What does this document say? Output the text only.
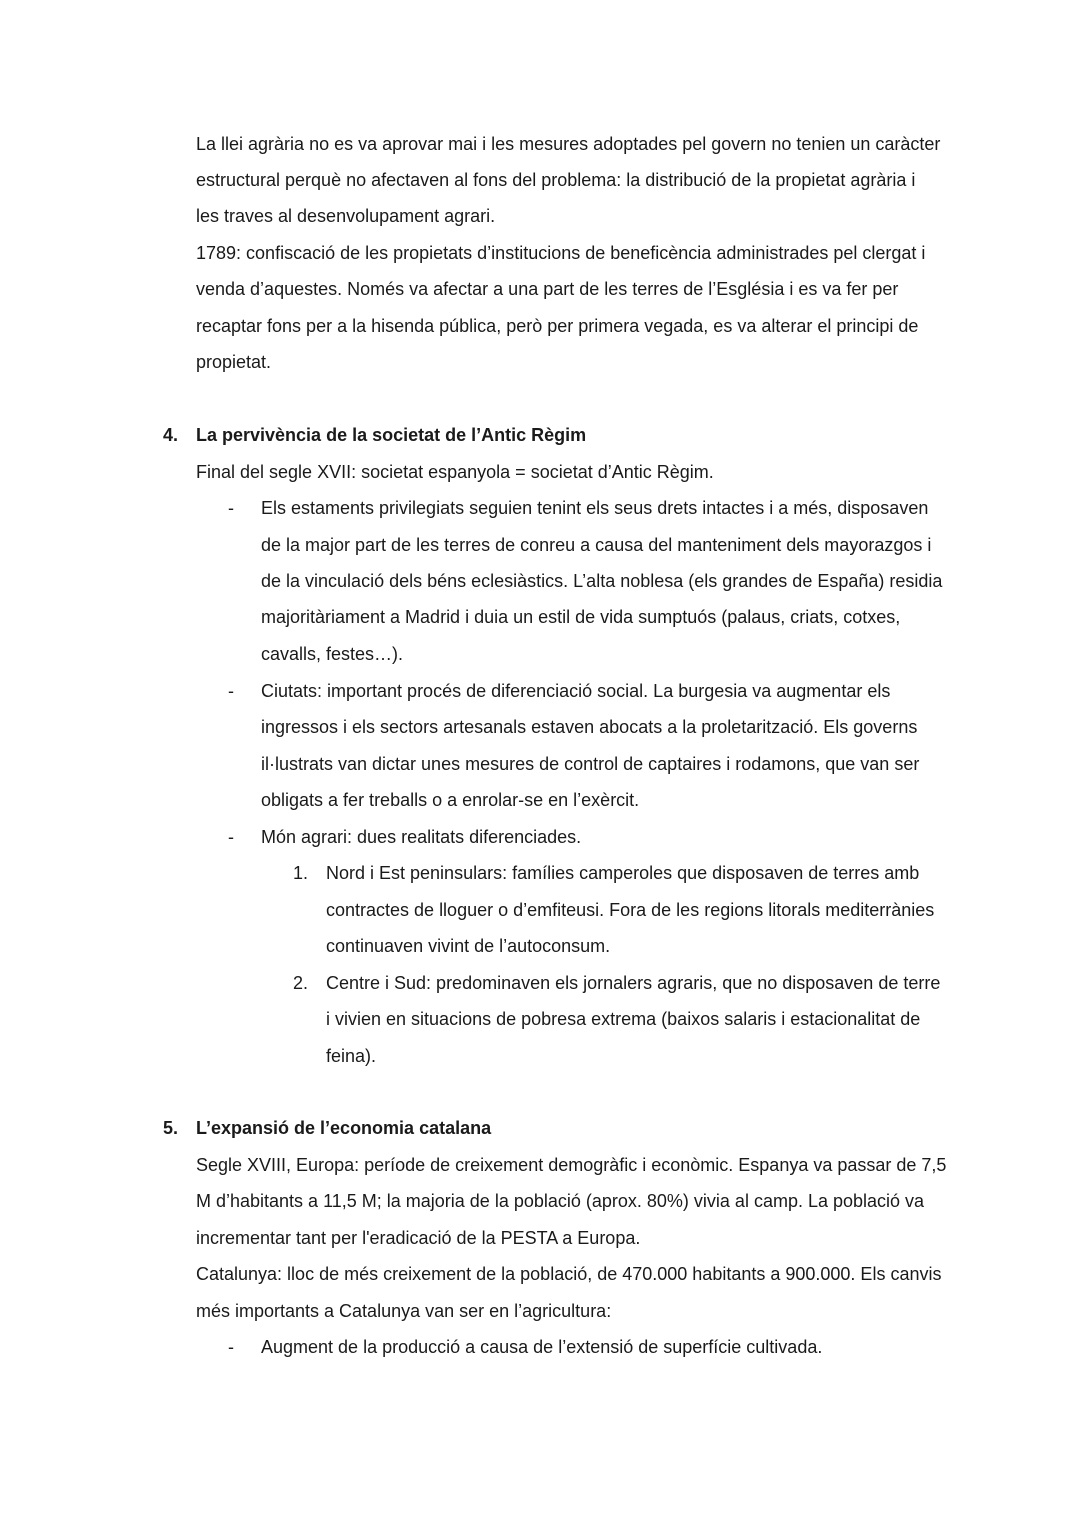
La llei agrària no es va aprovar mai i les mesures adoptades pel govern no tenien un caràcter
estructural perquè no afectaven al fons del problema: la distribució de la propietat agrària i
les traves al desenvolupament agrari.
1789: confiscació de les propietats d’institucions de beneficència administrades pel clergat i
venda d’aquestes. Només va afectar a una part de les terres de l’Església i es va fer per
recaptar fons per a la hisenda pública, però per primera vegada, es va alterar el principi de
propietat.
4. La pervivència de la societat de l’Antic Règim
Final del segle XVII: societat espanyola = societat d’Antic Règim.
- Els estaments privilegiats seguien tenint els seus drets intactes i a més, disposaven
de la major part de les terres de conreu a causa del manteniment dels mayorazgos i
de la vinculació dels béns eclesiàstics. L’alta noblesa (els grandes de España) residia
majoritàriament a Madrid i duia un estil de vida sumptuós (palaus, criats, cotxes,
cavalls, festes…).
- Ciutats: important procés de diferenciació social. La burgesia va augmentar els
ingressos i els sectors artesanals estaven abocats a la proletarització. Els governs
il·lustrats van dictar unes mesures de control de captaires i rodamons, que van ser
obligats a fer treballs o a enrolar-se en l’exèrcit.
- Món agrari: dues realitats diferenciades.
1. Nord i Est peninsulars: famílies camperoles que disposaven de terres amb
contractes de lloguer o d’emfiteusi. Fora de les regions litorals mediterrànies
continuaven vivint de l’autoconsum.
2. Centre i Sud: predominaven els jornalers agraris, que no disposaven de terre
i vivien en situacions de pobresa extrema (baixos salaris i estacionalitat de
feina).
5. L’expansió de l’economia catalana
Segle XVIII, Europa: període de creixement demogràfic i econòmic. Espanya va passar de 7,5
M d’habitants a 11,5 M; la majoria de la població (aprox. 80%) vivia al camp. La població va
incrementar tant per l'eradicació de la PESTA a Europa.
Catalunya: lloc de més creixement de la població, de 470.000 habitants a 900.000. Els canvis
més importants a Catalunya van ser en l’agricultura:
- Augment de la producció a causa de l’extensió de superfície cultivada.
